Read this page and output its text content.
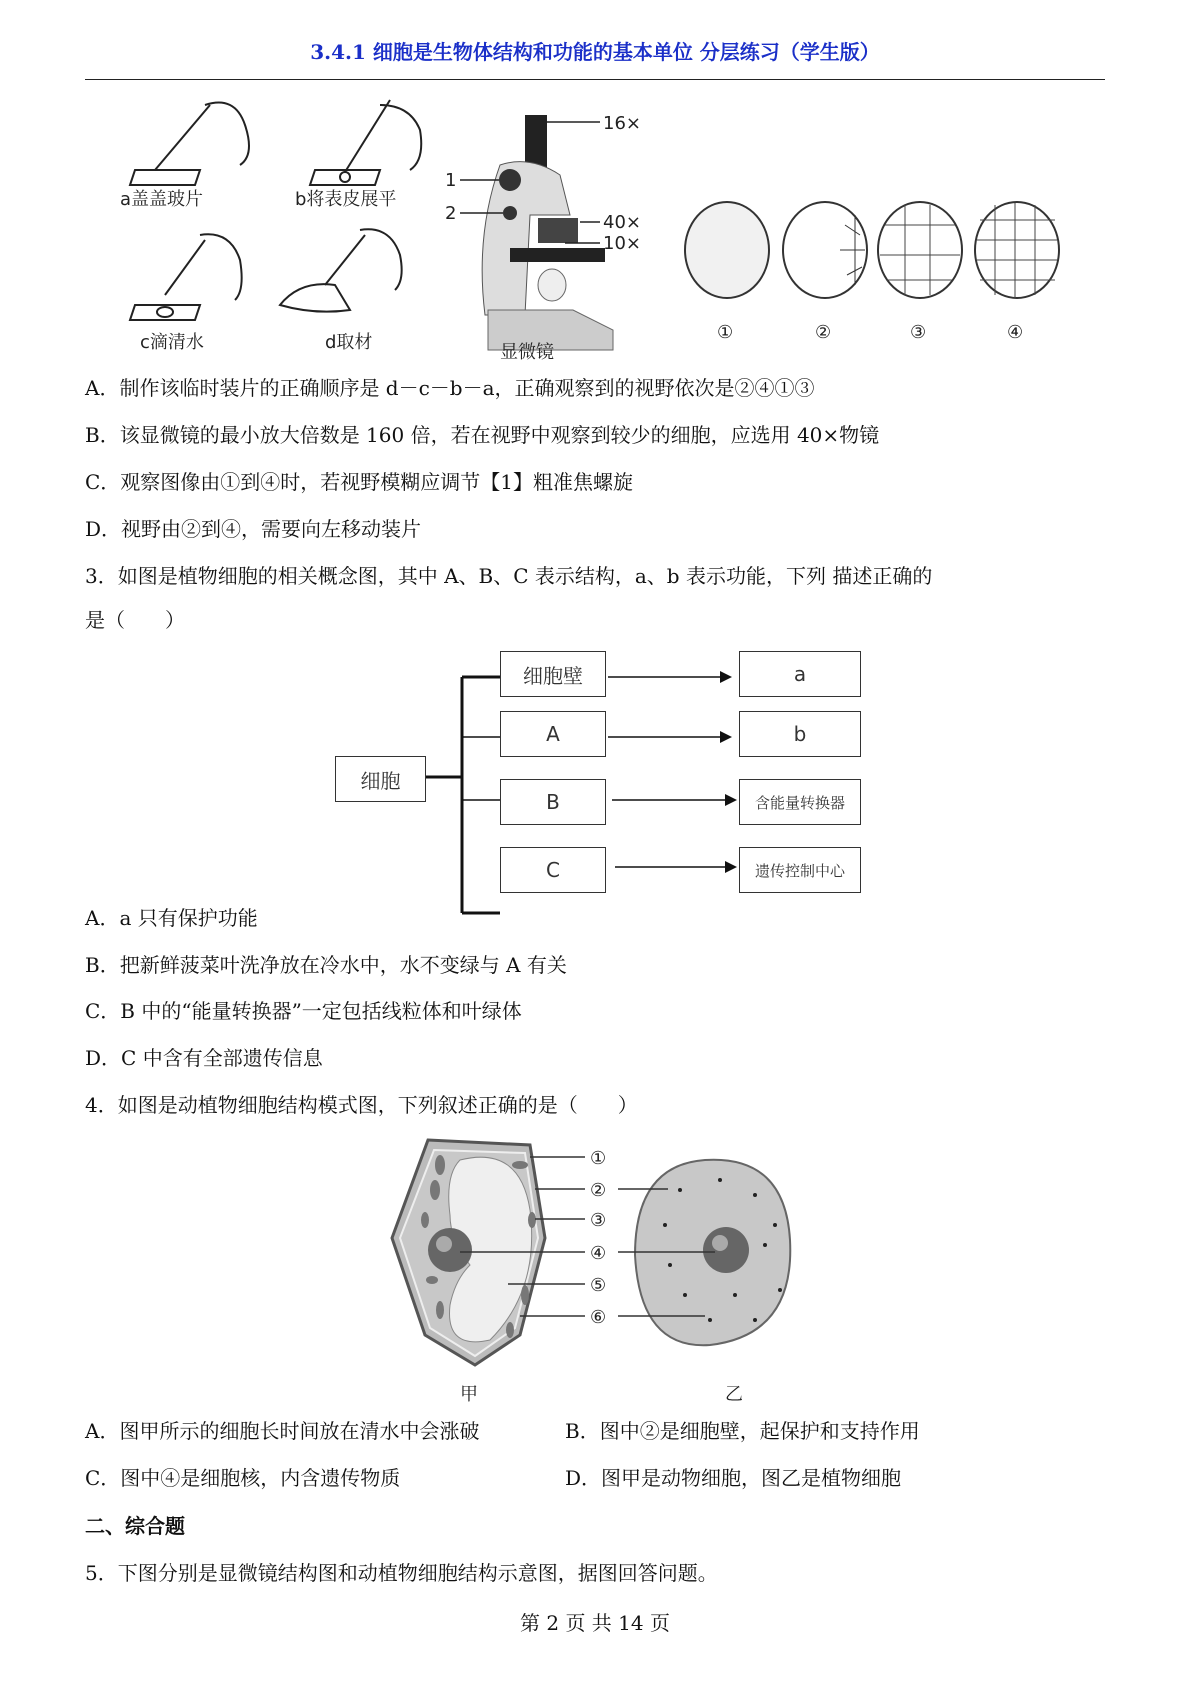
3.4.1 细胞是生物体结构和功能的基本单位 分层练习（学生版）
a盖盖玻片	b将表皮展平
c滴清水	d取材
16×
1
2	40×
10×
显微镜
①	②	③	④
A．制作该临时装片的正确顺序是 d－c－b－a，正确观察到的视野依次是②④①③
B．该显微镜的最小放大倍数是 160 倍，若在视野中观察到较少的细胞，应选用 40×物镜
C．观察图像由①到④时，若视野模糊应调节【1】粗准焦螺旋
D．视野由②到④，需要向左移动装片
3．如图是植物细胞的相关概念图，其中 A、B、C 表示结构，a、b 表示功能，下列 描述正确的
是（　　）
细胞
细胞壁
A
B
C
a
b
含能量转换器
遗传控制中心
A．a 只有保护功能
B．把新鲜菠菜叶洗净放在冷水中，水不变绿与 A 有关
C．B 中的“能量转换器”一定包括线粒体和叶绿体
D．C 中含有全部遗传信息
4．如图是动植物细胞结构模式图，下列叙述正确的是（　　）
①
②
③
④
⑤
⑥
甲	乙
A．图甲所示的细胞长时间放在清水中会涨破	B．图中②是细胞壁，起保护和支持作用
C．图中④是细胞核，内含遗传物质	D．图甲是动物细胞，图乙是植物细胞
二、综合题
5．下图分别是显微镜结构图和动植物细胞结构示意图，据图回答问题。
第 2 页 共 14 页
